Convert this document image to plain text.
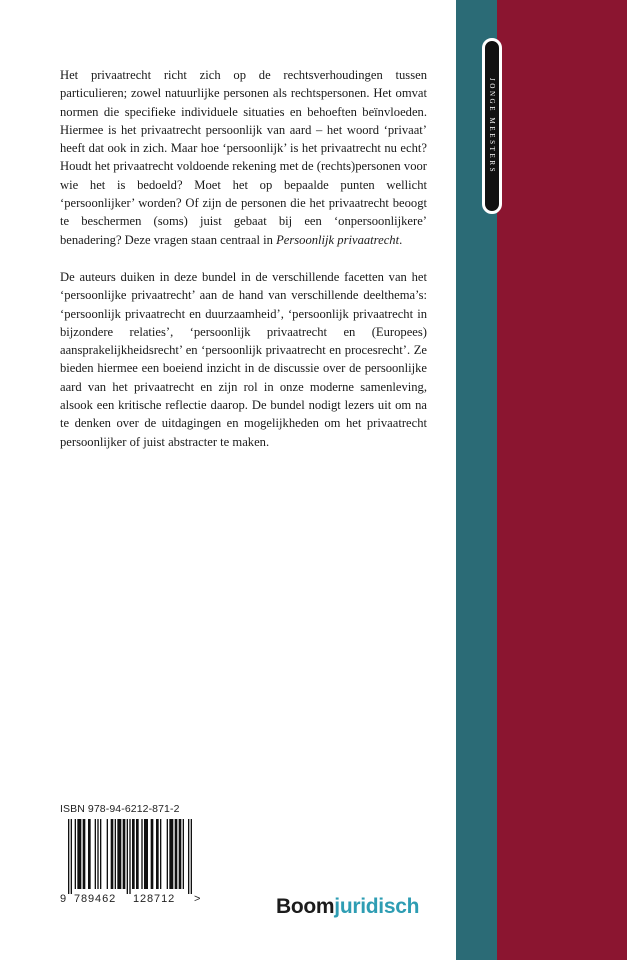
JONGE MEESTERS

Het privaatrecht richt zich op de rechtsverhoudingen tussen particulieren; zowel natuurlijke personen als rechtspersonen. Het omvat normen die specifieke individuele situaties en behoeften beïnvloeden. Hiermee is het privaatrecht persoonlijk van aard – het woord ‘privaat’ heeft dat ook in zich. Maar hoe ‘persoonlijk’ is het privaatrecht nu echt? Houdt het privaatrecht voldoende rekening met de (rechts)personen voor wie het is bedoeld? Moet het op bepaalde punten wellicht ‘persoonlijker’ worden? Of zijn de personen die het privaatrecht beoogt te beschermen (soms) juist gebaat bij een ‘onpersoonlijkere’ benadering? Deze vragen staan centraal in Persoonlijk privaatrecht.

De auteurs duiken in deze bundel in de verschillende facetten van het ‘persoonlijke privaatrecht’ aan de hand van verschillende deelthema’s: ‘persoonlijk privaatrecht en duurzaamheid’, ‘persoonlijk privaatrecht in bijzondere relaties’, ‘persoonlijk privaatrecht en (Europees) aansprakelijkheidsrecht’ en ‘persoonlijk privaatrecht en procesrecht’. Ze bieden hiermee een boeiend inzicht in de discussie over de persoonlijke aard van het privaatrecht en zijn rol in onze moderne samenleving, alsook een kritische reflectie daarop. De bundel nodigt lezers uit om na te denken over de uitdagingen en mogelijkheden om het privaatrecht persoonlijker of juist abstracter te maken.

ISBN 978-94-6212-871-2
9 789462 128712 >	Boomjuridisch
